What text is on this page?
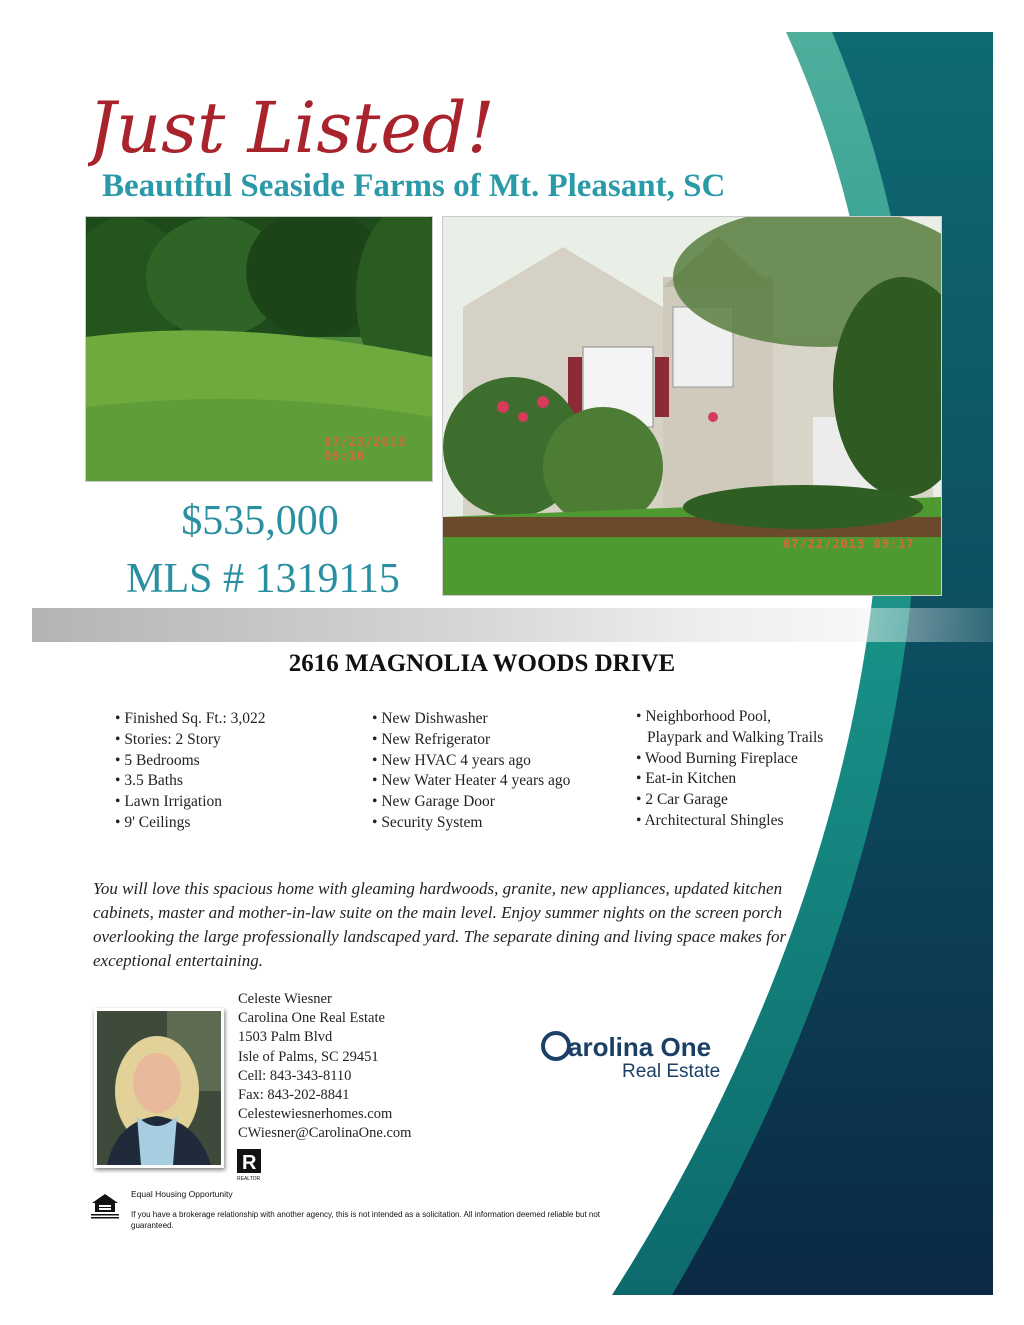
Just Listed!
Beautiful Seaside Farms of Mt. Pleasant, SC
07/23/2013 09:10
07/22/2013 09:17
$535,000
MLS # 1319115
2616 MAGNOLIA WOODS DRIVE
• Finished Sq. Ft.: 3,022
• Stories: 2 Story
• 5 Bedrooms
• 3.5 Baths
• Lawn Irrigation
• 9' Ceilings
• New Dishwasher
• New Refrigerator
• New HVAC 4 years ago
• New Water Heater 4 years ago
• New Garage Door
• Security System
• Neighborhood Pool,
Playpark and Walking Trails
• Wood Burning Fireplace
• Eat-in Kitchen
• 2 Car Garage
• Architectural Shingles
You will love this spacious home with gleaming hardwoods, granite, new appliances, updated kitchen cabinets, master and mother-in-law suite on the main level. Enjoy summer nights on the screen porch overlooking the large professionally landscaped yard. The separate dining and living space makes for exceptional entertaining.
Celeste Wiesner
Carolina One Real Estate
1503 Palm Blvd
Isle of Palms, SC 29451
Cell: 843-343-8110
Fax: 843-202-8841
Celestewiesnerhomes.com
CWiesner@CarolinaOne.com
R
REALTOR
arolina One
Real Estate
Equal Housing Opportunity
If you have a brokerage relationship with another agency, this is not intended as a solicitation. All information deemed reliable but not guaranteed.
